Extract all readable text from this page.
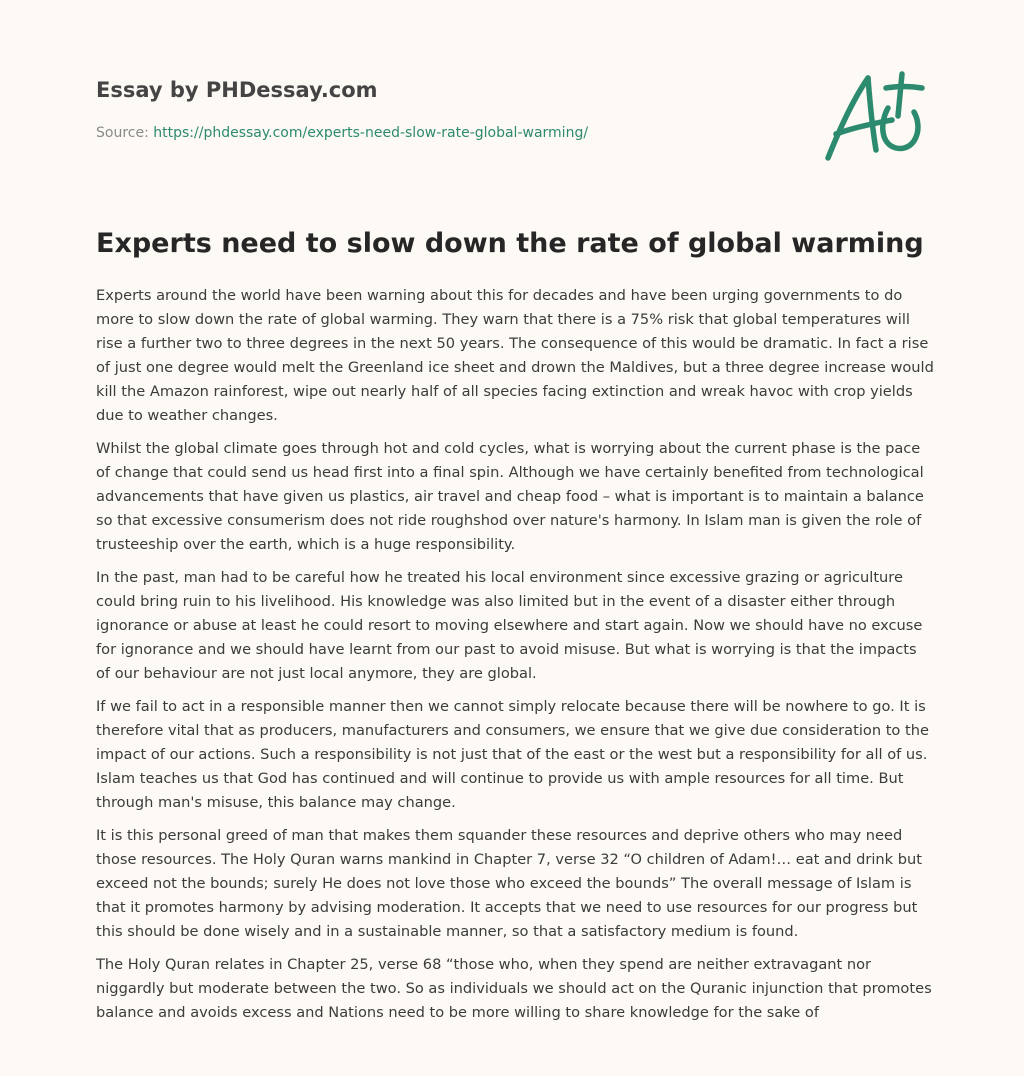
Essay by PHDessay.com
Source: https://phdessay.com/experts-need-slow-rate-global-warming/
Experts need to slow down the rate of global warming

Experts around the world have been warning about this for decades and have been urging governments to do more to slow down the rate of global warming. They warn that there is a 75% risk that global temperatures will rise a further two to three degrees in the next 50 years. The consequence of this would be dramatic. In fact a rise of just one degree would melt the Greenland ice sheet and drown the Maldives, but a three degree increase would kill the Amazon rainforest, wipe out nearly half of all species facing extinction and wreak havoc with crop yields due to weather changes.

Whilst the global climate goes through hot and cold cycles, what is worrying about the current phase is the pace of change that could send us head first into a final spin. Although we have certainly benefited from technological advancements that have given us plastics, air travel and cheap food – what is important is to maintain a balance so that excessive consumerism does not ride roughshod over nature's harmony. In Islam man is given the role of trusteeship over the earth, which is a huge responsibility.

In the past, man had to be careful how he treated his local environment since excessive grazing or agriculture could bring ruin to his livelihood. His knowledge was also limited but in the event of a disaster either through ignorance or abuse at least he could resort to moving elsewhere and start again. Now we should have no excuse for ignorance and we should have learnt from our past to avoid misuse. But what is worrying is that the impacts of our behaviour are not just local anymore, they are global.

If we fail to act in a responsible manner then we cannot simply relocate because there will be nowhere to go. It is therefore vital that as producers, manufacturers and consumers, we ensure that we give due consideration to the impact of our actions. Such a responsibility is not just that of the east or the west but a responsibility for all of us. Islam teaches us that God has continued and will continue to provide us with ample resources for all time. But through man's misuse, this balance may change.

It is this personal greed of man that makes them squander these resources and deprive others who may need those resources. The Holy Quran warns mankind in Chapter 7, verse 32 “O children of Adam!… eat and drink but exceed not the bounds; surely He does not love those who exceed the bounds” The overall message of Islam is that it promotes harmony by advising moderation. It accepts that we need to use resources for our progress but this should be done wisely and in a sustainable manner, so that a satisfactory medium is found.

The Holy Quran relates in Chapter 25, verse 68 “those who, when they spend are neither extravagant nor niggardly but moderate between the two. So as individuals we should act on the Quranic injunction that promotes balance and avoids excess and Nations need to be more willing to share knowledge for the sake of
